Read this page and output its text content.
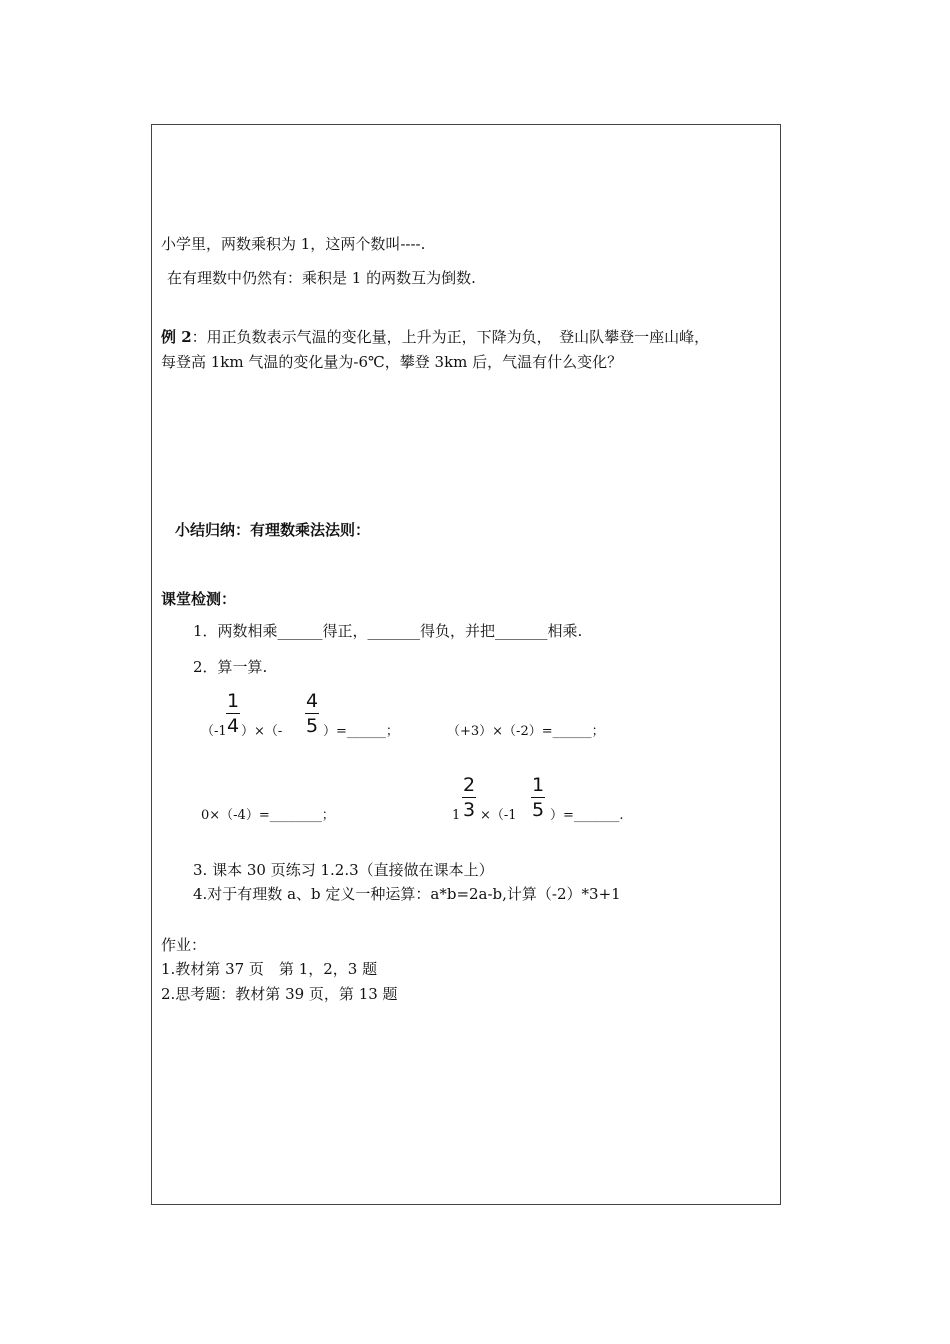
小学里，两数乘积为 1，这两个数叫----.
在有理数中仍然有：乘积是 1 的两数互为倒数.
例 2：用正负数表示气温的变化量，上升为正，下降为负，　登山队攀登一座山峰，
每登高 1km 气温的变化量为-6℃，攀登 3km 后，气温有什么变化？
小结归纳：有理数乘法法则：
课堂检测：
1．两数相乘______得正，_______得负，并把_______相乘.
2．算一算.
（-1
1
4 ）×（-
4
5 ）=______；	（+3）×（-2）=______；
0×（-4）=________；	1
2
3 ×（-1
1
5 ）=_______.
3. 课本 30 页练习 1.2.3（直接做在课本上）
4.对于有理数 a、b 定义一种运算：a*b=2a-b,计算（-2）*3+1
作业：
1.教材第 37 页　第 1，2，3 题
2.思考题：教材第 39 页，第 13 题
